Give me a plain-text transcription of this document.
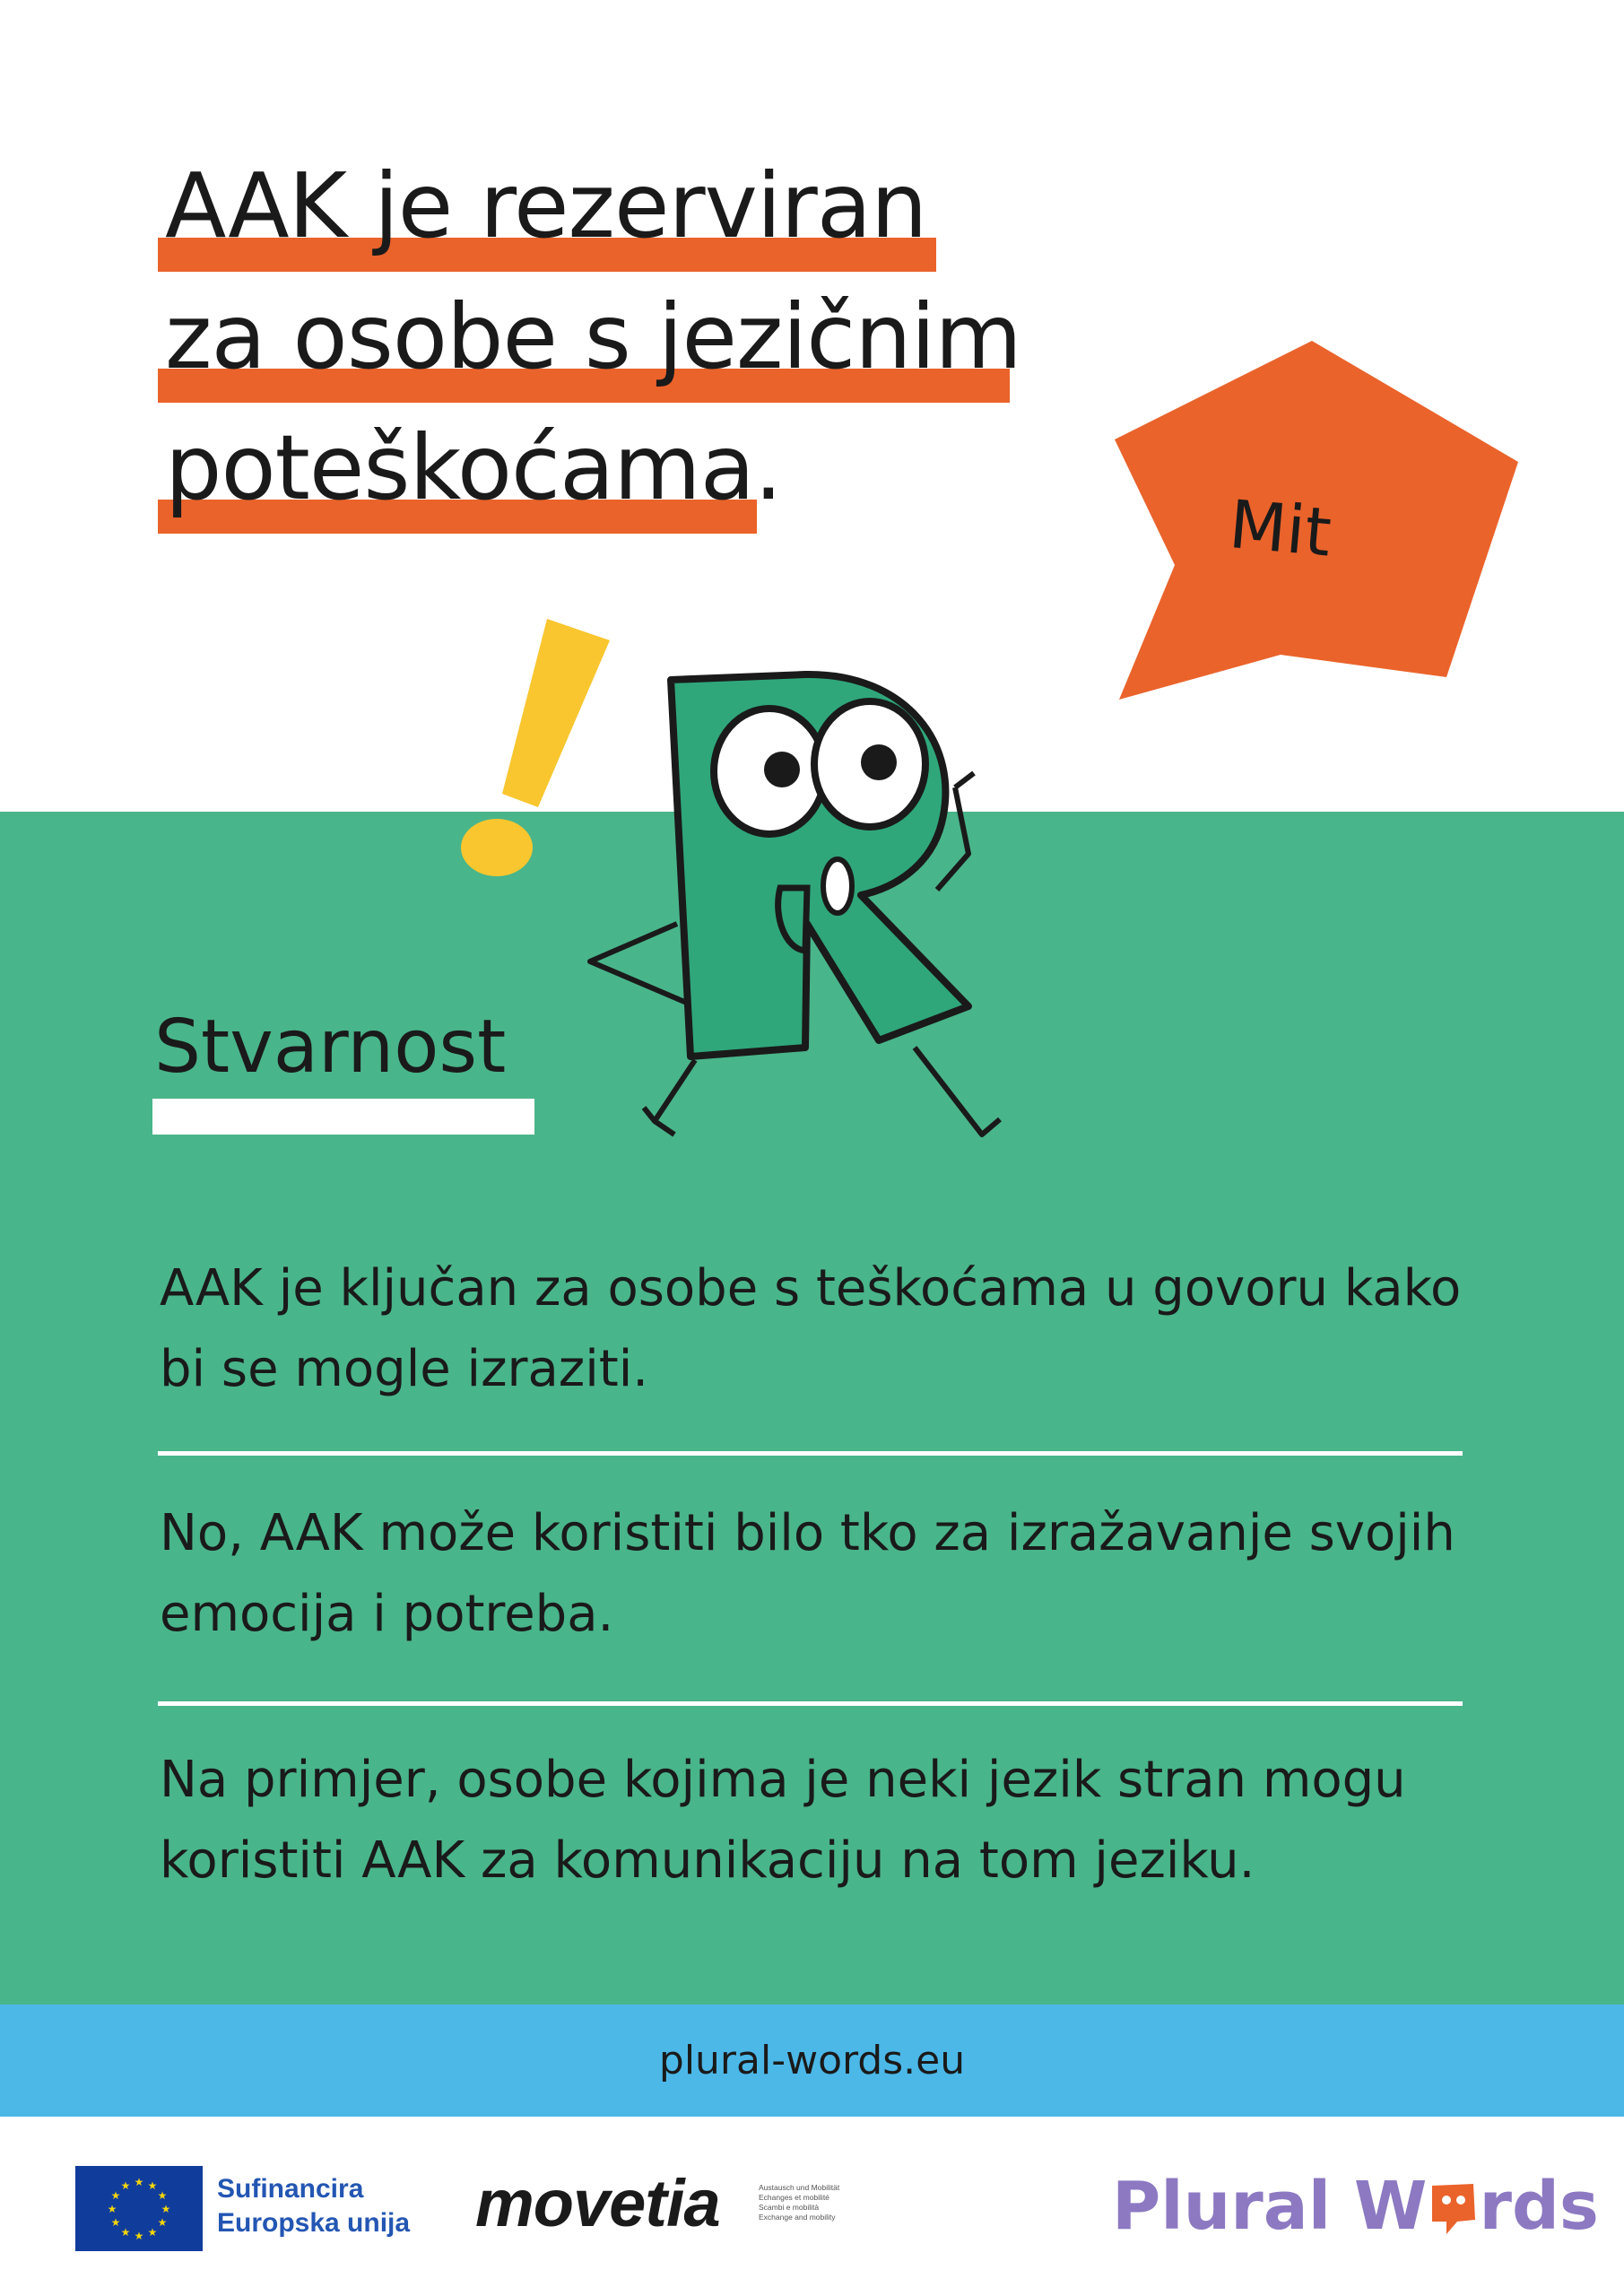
AAK je rezerviran
za osobe s jezičnim
poteškoćama.
Mit
Stvarnost
AAK je ključan za osobe s teškoćama u govoru kako bi se mogle izraziti.
No, AAK može koristiti bilo tko za izražavanje svojih emocija i potreba.
Na primjer, osobe kojima je neki jezik stran mogu koristiti AAK za komunikaciju na tom jeziku.
plural-words.eu
★ ★
★
★
★
★
★
★
★
★
★
★	Sufinancira
Europska unija movetia	Austausch und Mobilität
Echanges et mobilité
Scambi e mobilità
Exchange and mobility	Plural W rds
